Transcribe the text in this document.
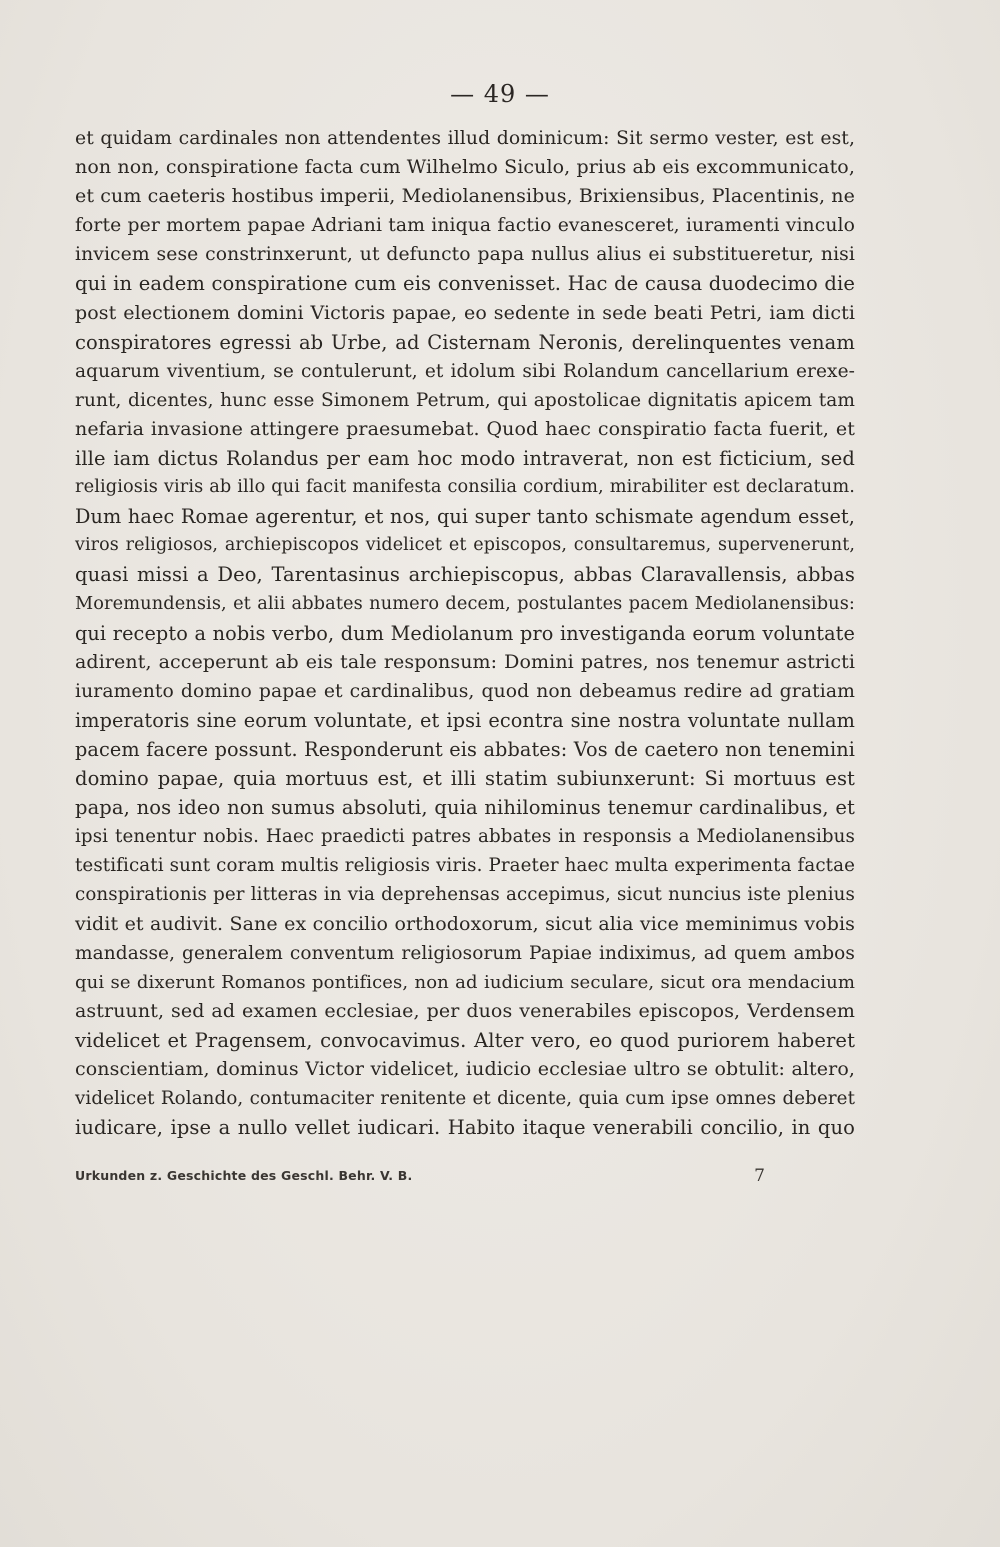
— 49 —
et quidam cardinales non attendentes illud dominicum: Sit sermo vester, est est,
non non, conspiratione facta cum Wilhelmo Siculo, prius ab eis excommunicato,
et cum caeteris hostibus imperii, Mediolanensibus, Brixiensibus, Placentinis, ne
forte per mortem papae Adriani tam iniqua factio evanesceret, iuramenti vinculo
invicem sese constrinxerunt, ut defuncto papa nullus alius ei substitueretur, nisi
qui in eadem conspiratione cum eis convenisset. Hac de causa duodecimo die
post electionem domini Victoris papae, eo sedente in sede beati Petri, iam dicti
conspiratores egressi ab Urbe, ad Cisternam Neronis, derelinquentes venam
aquarum viventium, se contulerunt, et idolum sibi Rolandum cancellarium erexe-
runt, dicentes, hunc esse Simonem Petrum, qui apostolicae dignitatis apicem tam
nefaria invasione attingere praesumebat. Quod haec conspiratio facta fuerit, et
ille iam dictus Rolandus per eam hoc modo intraverat, non est ficticium, sed
religiosis viris ab illo qui facit manifesta consilia cordium, mirabiliter est declaratum.
Dum haec Romae agerentur, et nos, qui super tanto schismate agendum esset,
viros religiosos, archiepiscopos videlicet et episcopos, consultaremus, supervenerunt,
quasi missi a Deo, Tarentasinus archiepiscopus, abbas Claravallensis, abbas
Moremundensis, et alii abbates numero decem, postulantes pacem Mediolanensibus:
qui recepto a nobis verbo, dum Mediolanum pro investiganda eorum voluntate
adirent, acceperunt ab eis tale responsum: Domini patres, nos tenemur astricti
iuramento domino papae et cardinalibus, quod non debeamus redire ad gratiam
imperatoris sine eorum voluntate, et ipsi econtra sine nostra voluntate nullam
pacem facere possunt. Responderunt eis abbates: Vos de caetero non tenemini
domino papae, quia mortuus est, et illi statim subiunxerunt: Si mortuus est
papa, nos ideo non sumus absoluti, quia nihilominus tenemur cardinalibus, et
ipsi tenentur nobis. Haec praedicti patres abbates in responsis a Mediolanensibus
testificati sunt coram multis religiosis viris. Praeter haec multa experimenta factae
conspirationis per litteras in via deprehensas accepimus, sicut nuncius iste plenius
vidit et audivit. Sane ex concilio orthodoxorum, sicut alia vice meminimus vobis
mandasse, generalem conventum religiosorum Papiae indiximus, ad quem ambos
qui se dixerunt Romanos pontifices, non ad iudicium seculare, sicut ora mendacium
astruunt, sed ad examen ecclesiae, per duos venerabiles episcopos, Verdensem
videlicet et Pragensem, convocavimus. Alter vero, eo quod puriorem haberet
conscientiam, dominus Victor videlicet, iudicio ecclesiae ultro se obtulit: altero,
videlicet Rolando, contumaciter renitente et dicente, quia cum ipse omnes deberet
iudicare, ipse a nullo vellet iudicari. Habito itaque venerabili concilio, in quo
Urkunden z. Geschichte des Geschl. Behr. V. B.	7
